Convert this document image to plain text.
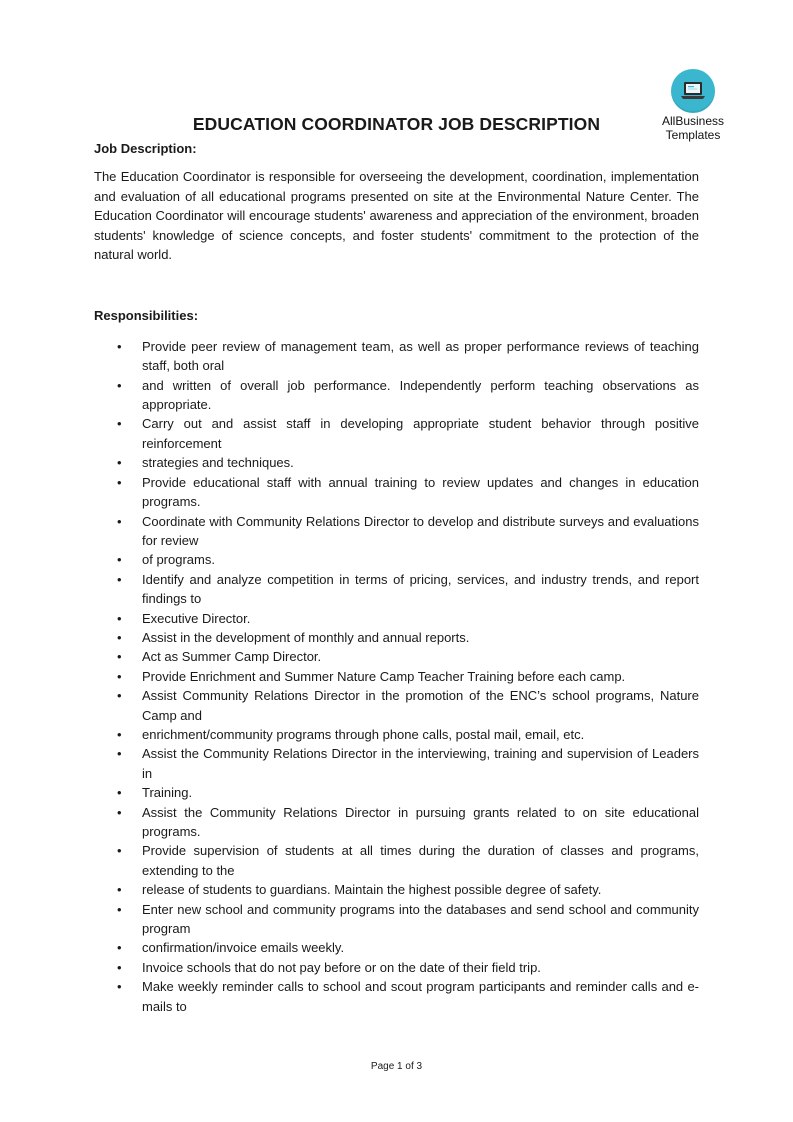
AllBusiness
Templates
EDUCATION COORDINATOR JOB DESCRIPTION

Job Description:

The Education Coordinator is responsible for overseeing the development, coordination, implementation and evaluation of all educational programs presented on site at the Environmental Nature Center. The Education Coordinator will encourage students' awareness and appreciation of the environment, broaden students' knowledge of science concepts, and foster students' commitment to the protection of the natural world.

Responsibilities:

• Provide peer review of management team, as well as proper performance reviews of teaching staff, both oral
• and written of overall job performance. Independently perform teaching observations as appropriate.
• Carry out and assist staff in developing appropriate student behavior through positive reinforcement
• strategies and techniques.
• Provide educational staff with annual training to review updates and changes in education programs.
• Coordinate with Community Relations Director to develop and distribute surveys and evaluations for review
• of programs.
• Identify and analyze competition in terms of pricing, services, and industry trends, and report findings to
• Executive Director.
• Assist in the development of monthly and annual reports.
• Act as Summer Camp Director.
• Provide Enrichment and Summer Nature Camp Teacher Training before each camp.
• Assist Community Relations Director in the promotion of the ENC’s school programs, Nature Camp and
• enrichment/community programs through phone calls, postal mail, email, etc.
• Assist the Community Relations Director in the interviewing, training and supervision of Leaders in
• Training.
• Assist the Community Relations Director in pursuing grants related to on site educational programs.
• Provide supervision of students at all times during the duration of classes and programs, extending to the
• release of students to guardians. Maintain the highest possible degree of safety.
• Enter new school and community programs into the databases and send school and community program
• confirmation/invoice emails weekly.
• Invoice schools that do not pay before or on the date of their field trip.
• Make weekly reminder calls to school and scout program participants and reminder calls and e-mails to
Page 1 of 3
